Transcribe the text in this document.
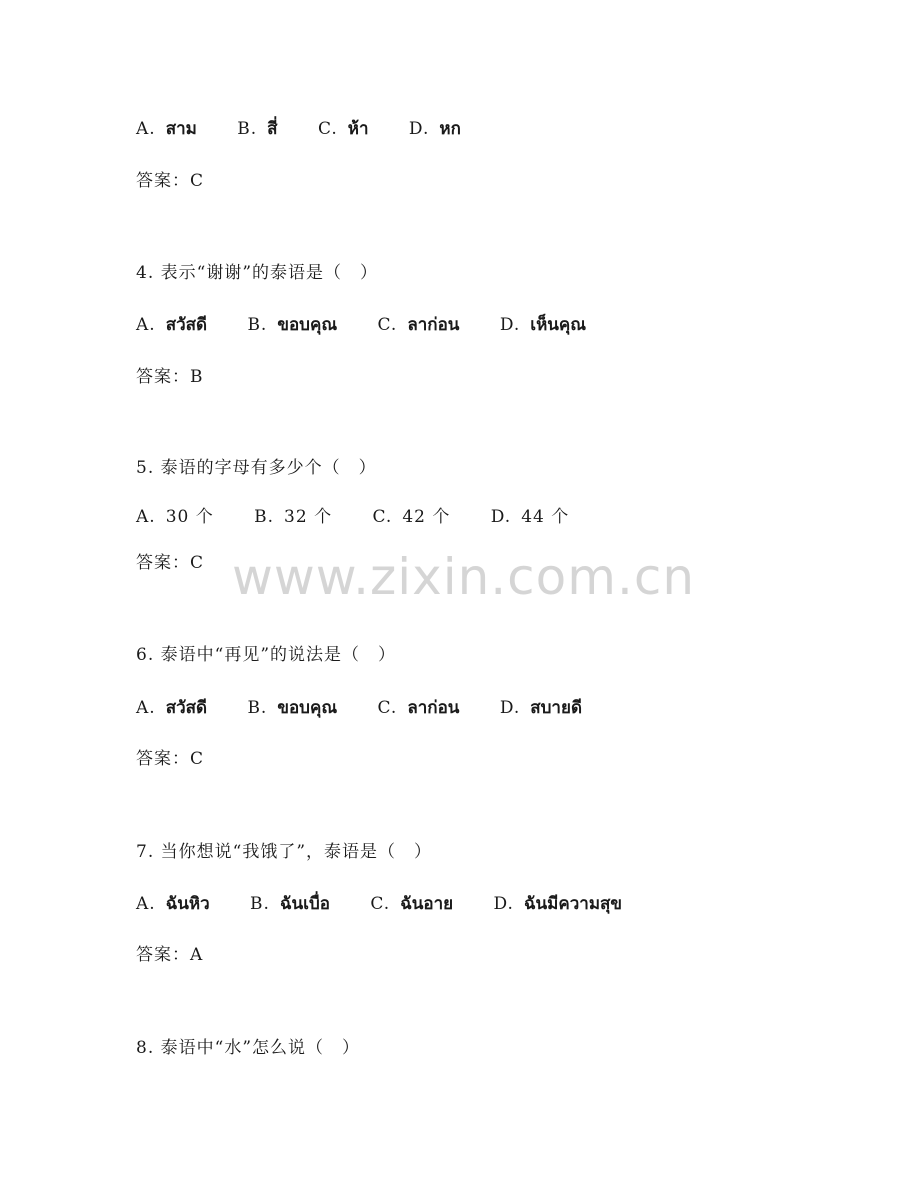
A. สาม B. สี่ C. ห้า D. หก
答案：C
4. 表示“谢谢”的泰语是（　）
A. สวัสดี B. ขอบคุณ C. ลาก่อน D. เห็นคุณ
答案：B
5. 泰语的字母有多少个（　）
A. 30 个 B. 32 个 C. 42 个 D. 44 个
答案：C
6. 泰语中“再见”的说法是（　）
A. สวัสดี B. ขอบคุณ C. ลาก่อน D. สบายดี
答案：C
7. 当你想说“我饿了”，泰语是（　）
A. ฉันหิว B. ฉันเบื่อ C. ฉันอาย D. ฉันมีความสุข
答案：A
8. 泰语中“水”怎么说（　）
www.zixin.com.cn
